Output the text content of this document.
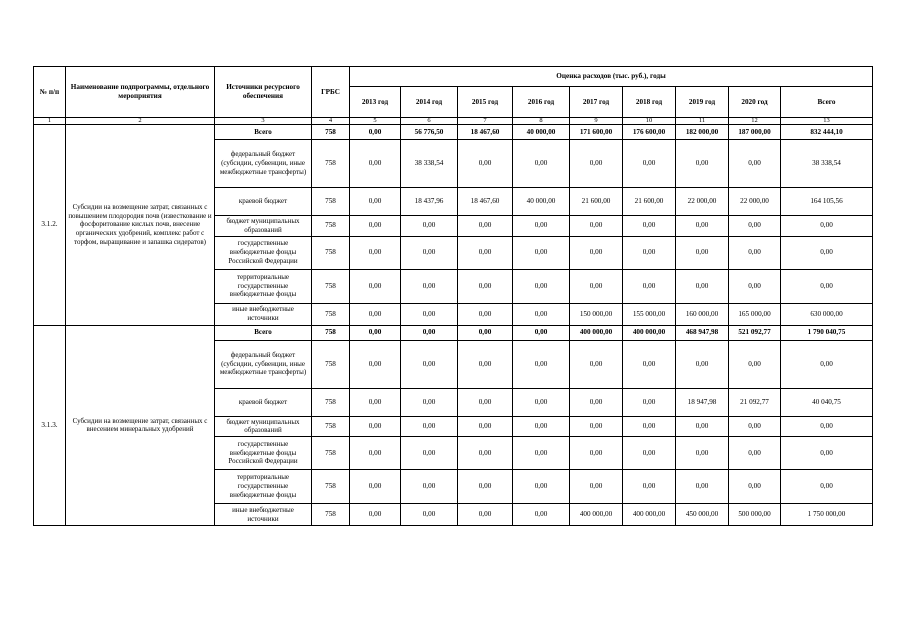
№ п/п	Наименование подпрограммы, отдельного мероприятия	Источники ресурсного обеспечения	ГРБС	Оценка расходов (тыс. руб.), годы								
				2013 год	2014 год	2015 год	2016 год	2017 год	2018 год	2019 год	2020 год	Всего
1	2	3	4	5	6	7	8	9	10	11	12	13
3.1.2.	Субсидии на возмещение затрат, связанных с повышением плодородия почв (известкование и фосфоритование кислых почв, внесение органических удобрений, комплекс работ с торфом, выращивание и запашка сидератов)	Всего	758	0,00	56 776,50	18 467,60	40 000,00	171 600,00	176 600,00	182 000,00	187 000,00	832 444,10
		федеральный бюджет (субсидии, субвенции, иные межбюджетные трансферты)	758	0,00	38 338,54	0,00	0,00	0,00	0,00	0,00	0,00	38 338,54
		краевой бюджет	758	0,00	18 437,96	18 467,60	40 000,00	21 600,00	21 600,00	22 000,00	22 000,00	164 105,56
		бюджет муниципальных образований	758	0,00	0,00	0,00	0,00	0,00	0,00	0,00	0,00	0,00
		государственные внебюджетные фонды Российской Федерации	758	0,00	0,00	0,00	0,00	0,00	0,00	0,00	0,00	0,00
		территориальные государственные внебюджетные фонды	758	0,00	0,00	0,00	0,00	0,00	0,00	0,00	0,00	0,00
		иные внебюджетные источники	758	0,00	0,00	0,00	0,00	150 000,00	155 000,00	160 000,00	165 000,00	630 000,00
3.1.3.	Субсидии на возмещение затрат, связанных с внесением минеральных удобрений	Всего	758	0,00	0,00	0,00	0,00	400 000,00	400 000,00	468 947,98	521 092,77	1 790 040,75
		федеральный бюджет (субсидии, субвенции, иные межбюджетные трансферты)	758	0,00	0,00	0,00	0,00	0,00	0,00	0,00	0,00	0,00
		краевой бюджет	758	0,00	0,00	0,00	0,00	0,00	0,00	18 947,98	21 092,77	40 040,75
		бюджет муниципальных образований	758	0,00	0,00	0,00	0,00	0,00	0,00	0,00	0,00	0,00
		государственные внебюджетные фонды Российской Федерации	758	0,00	0,00	0,00	0,00	0,00	0,00	0,00	0,00	0,00
		территориальные государственные внебюджетные фонды	758	0,00	0,00	0,00	0,00	0,00	0,00	0,00	0,00	0,00
		иные внебюджетные источники	758	0,00	0,00	0,00	0,00	400 000,00	400 000,00	450 000,00	500 000,00	1 750 000,00
